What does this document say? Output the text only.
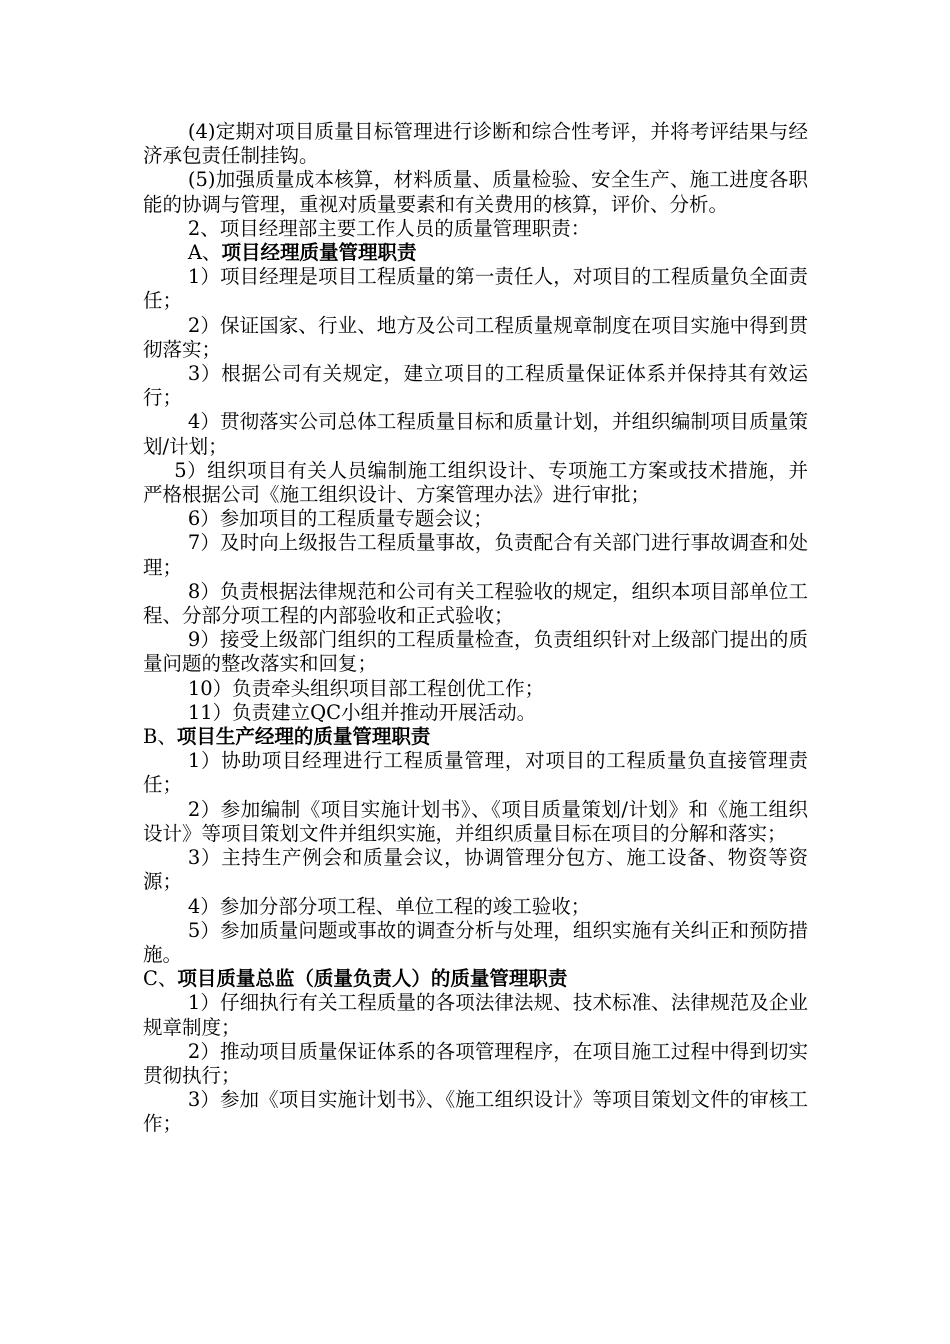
(4)定期对项目质量目标管理进行诊断和综合性考评，并将考评结果与经济承包责任制挂钩。

(5)加强质量成本核算，材料质量、质量检验、安全生产、施工进度各职能的协调与管理，重视对质量要素和有关费用的核算，评价、分析。

2、项目经理部主要工作人员的质量管理职责：

A、项目经理质量管理职责

1）项目经理是项目工程质量的第一责任人，对项目的工程质量负全面责任；

2）保证国家、行业、地方及公司工程质量规章制度在项目实施中得到贯彻落实；

3）根据公司有关规定，建立项目的工程质量保证体系并保持其有效运行；

4）贯彻落实公司总体工程质量目标和质量计划，并组织编制项目质量策划/计划；

5）组织项目有关人员编制施工组织设计、专项施工方案或技术措施，并严格根据公司《施工组织设计、方案管理办法》进行审批；

6）参加项目的工程质量专题会议；

7）及时向上级报告工程质量事故，负责配合有关部门进行事故调查和处理；

8）负责根据法律规范和公司有关工程验收的规定，组织本项目部单位工程、分部分项工程的内部验收和正式验收；

9）接受上级部门组织的工程质量检查，负责组织针对上级部门提出的质量问题的整改落实和回复；

10）负责牵头组织项目部工程创优工作；

11）负责建立QC小组并推动开展活动。

B、项目生产经理的质量管理职责

1）协助项目经理进行工程质量管理，对项目的工程质量负直接管理责任；

2）参加编制《项目实施计划书》、《项目质量策划/计划》和《施工组织设计》等项目策划文件并组织实施，并组织质量目标在项目的分解和落实；

3）主持生产例会和质量会议，协调管理分包方、施工设备、物资等资源；

4）参加分部分项工程、单位工程的竣工验收；

5）参加质量问题或事故的调查分析与处理，组织实施有关纠正和预防措施。

C、项目质量总监（质量负责人）的质量管理职责

1）仔细执行有关工程质量的各项法律法规、技术标准、法律规范及企业规章制度；

2）推动项目质量保证体系的各项管理程序，在项目施工过程中得到切实贯彻执行；

3）参加《项目实施计划书》、《施工组织设计》等项目策划文件的审核工作；
